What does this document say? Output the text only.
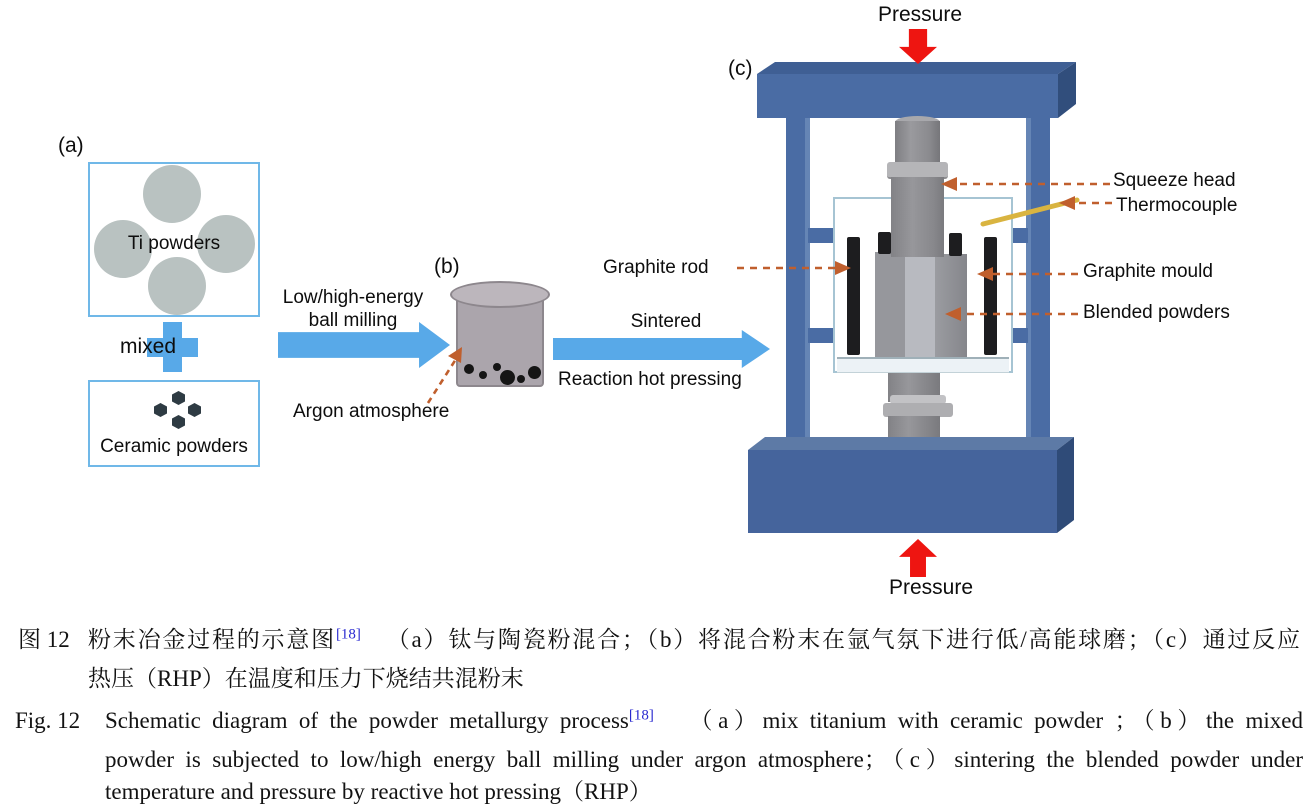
Ti powders
mixed
Ceramic powders
(a)
Low/high-energy
ball milling
(b)
Argon atmosphere
Sintered
Reaction hot pressing
(c)
Pressure
Pressure
Squeeze head
Thermocouple
Graphite rod	Graphite mould
Blended powders
图 12 粉末冶金过程的示意图[18] （a）钛与陶瓷粉混合；（b）将混合粉末在氩气氛下进行低/高能球磨；（c）通过反应
热压（RHP）在温度和压力下烧结共混粉末
Fig. 12 Schematic diagram of the powder metallurgy process[18] （a）mix titanium with ceramic powder ；（b）the mixed
powder is subjected to low/high energy ball milling under argon atmosphere；（c）sintering the blended powder under
temperature and pressure by reactive hot pressing（RHP）
